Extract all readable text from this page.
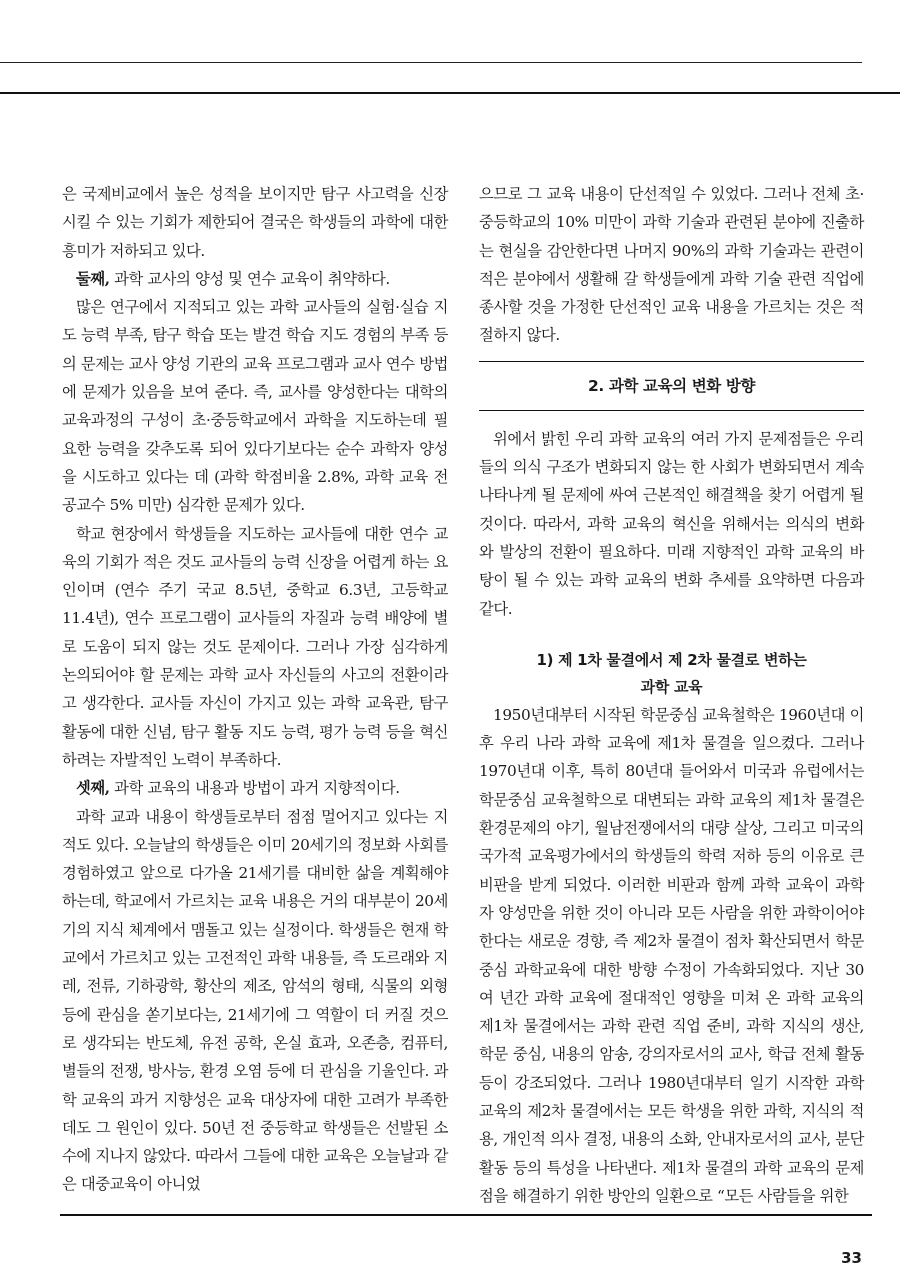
은 국제비교에서 높은 성적을 보이지만 탐구 사고력을 신장시킬 수 있는 기회가 제한되어 결국은 학생들의 과학에 대한 흥미가 저하되고 있다.

둘째, 과학 교사의 양성 및 연수 교육이 취약하다.

많은 연구에서 지적되고 있는 과학 교사들의 실험·실습 지도 능력 부족, 탐구 학습 또는 발견 학습 지도 경험의 부족 등의 문제는 교사 양성 기관의 교육 프로그램과 교사 연수 방법에 문제가 있음을 보여 준다. 즉, 교사를 양성한다는 대학의 교육과정의 구성이 초·중등학교에서 과학을 지도하는데 필요한 능력을 갖추도록 되어 있다기보다는 순수 과학자 양성을 시도하고 있다는 데 (과학 학점비율 2.8%, 과학 교육 전공교수 5% 미만) 심각한 문제가 있다.

학교 현장에서 학생들을 지도하는 교사들에 대한 연수 교육의 기회가 적은 것도 교사들의 능력 신장을 어렵게 하는 요인이며 (연수 주기 국교 8.5년, 중학교 6.3년, 고등학교 11.4년), 연수 프로그램이 교사들의 자질과 능력 배양에 별로 도움이 되지 않는 것도 문제이다. 그러나 가장 심각하게 논의되어야 할 문제는 과학 교사 자신들의 사고의 전환이라고 생각한다. 교사들 자신이 가지고 있는 과학 교육관, 탐구 활동에 대한 신념, 탐구 활동 지도 능력, 평가 능력 등을 혁신하려는 자발적인 노력이 부족하다.

셋째, 과학 교육의 내용과 방법이 과거 지향적이다.

과학 교과 내용이 학생들로부터 점점 멀어지고 있다는 지적도 있다. 오늘날의 학생들은 이미 20세기의 정보화 사회를 경험하였고 앞으로 다가올 21세기를 대비한 삶을 계획해야 하는데, 학교에서 가르치는 교육 내용은 거의 대부분이 20세기의 지식 체계에서 맴돌고 있는 실정이다. 학생들은 현재 학교에서 가르치고 있는 고전적인 과학 내용들, 즉 도르래와 지레, 전류, 기하광학, 황산의 제조, 암석의 형태, 식물의 외형 등에 관심을 쏟기보다는, 21세기에 그 역할이 더 커질 것으로 생각되는 반도체, 유전 공학, 온실 효과, 오존층, 컴퓨터, 별들의 전쟁, 방사능, 환경 오염 등에 더 관심을 기울인다. 과학 교육의 과거 지향성은 교육 대상자에 대한 고려가 부족한 데도 그 원인이 있다. 50년 전 중등학교 학생들은 선발된 소수에 지나지 않았다. 따라서 그들에 대한 교육은 오늘날과 같은 대중교육이 아니었

으므로 그 교육 내용이 단선적일 수 있었다. 그러나 전체 초·중등학교의 10% 미만이 과학 기술과 관련된 분야에 진출하는 현실을 감안한다면 나머지 90%의 과학 기술과는 관련이 적은 분야에서 생활해 갈 학생들에게 과학 기술 관련 직업에 종사할 것을 가정한 단선적인 교육 내용을 가르치는 것은 적절하지 않다.

2. 과학 교육의 변화 방향

위에서 밝힌 우리 과학 교육의 여러 가지 문제점들은 우리들의 의식 구조가 변화되지 않는 한 사회가 변화되면서 계속 나타나게 될 문제에 싸여 근본적인 해결책을 찾기 어렵게 될 것이다. 따라서, 과학 교육의 혁신을 위해서는 의식의 변화와 발상의 전환이 필요하다. 미래 지향적인 과학 교육의 바탕이 될 수 있는 과학 교육의 변화 추세를 요약하면 다음과 같다.

1) 제 1차 물결에서 제 2차 물결로 변하는
과학 교육

1950년대부터 시작된 학문중심 교육철학은 1960년대 이후 우리 나라 과학 교육에 제1차 물결을 일으켰다. 그러나 1970년대 이후, 특히 80년대 들어와서 미국과 유럽에서는 학문중심 교육철학으로 대변되는 과학 교육의 제1차 물결은 환경문제의 야기, 월남전쟁에서의 대량 살상, 그리고 미국의 국가적 교육평가에서의 학생들의 학력 저하 등의 이유로 큰 비판을 받게 되었다. 이러한 비판과 함께 과학 교육이 과학자 양성만을 위한 것이 아니라 모든 사람을 위한 과학이어야 한다는 새로운 경향, 즉 제2차 물결이 점차 확산되면서 학문중심 과학교육에 대한 방향 수정이 가속화되었다. 지난 30여 년간 과학 교육에 절대적인 영향을 미쳐 온 과학 교육의 제1차 물결에서는 과학 관련 직업 준비, 과학 지식의 생산, 학문 중심, 내용의 암송, 강의자로서의 교사, 학급 전체 활동 등이 강조되었다. 그러나 1980년대부터 일기 시작한 과학 교육의 제2차 물결에서는 모든 학생을 위한 과학, 지식의 적용, 개인적 의사 결정, 내용의 소화, 안내자로서의 교사, 분단 활동 등의 특성을 나타낸다. 제1차 물결의 과학 교육의 문제점을 해결하기 위한 방안의 일환으로 “모든 사람들을 위한

33
